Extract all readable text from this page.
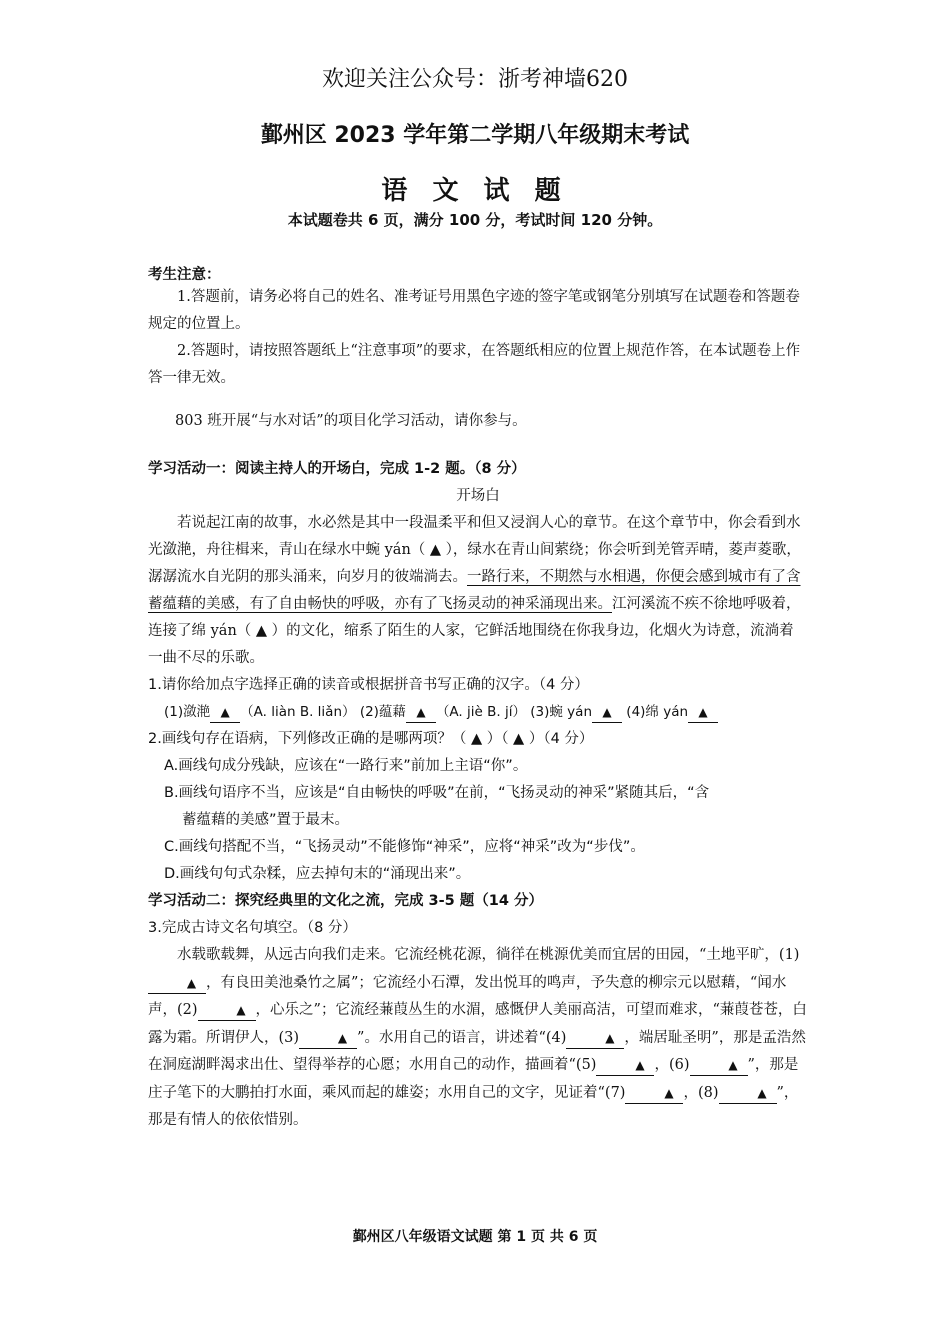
欢迎关注公众号：浙考神墙620
鄞州区 2023 学年第二学期八年级期末考试
语 文 试 题
本试题卷共 6 页，满分 100 分，考试时间 120 分钟。
考生注意：

1.答题前，请务必将自己的姓名、准考证号用黑色字迹的签字笔或钢笔分别填写在试题卷和答题卷规定的位置上。

2.答题时，请按照答题纸上“注意事项”的要求，在答题纸相应的位置上规范作答，在本试题卷上作答一律无效。

803 班开展“与水对话”的项目化学习活动，请你参与。

学习活动一：阅读主持人的开场白，完成 1-2 题。（8 分）

开场白

若说起江南的故事，水必然是其中一段温柔平和但又浸润人心的章节。在这个章节中，你会看到水光潋滟，舟往楫来，青山在绿水中蜿 yán（ ▲ ），绿水在青山间萦绕；你会听到羌管弄晴，菱声菱歌，潺潺流水自光阴的那头涌来，向岁月的彼端淌去。一路行来，不期然与水相遇，你便会感到城市有了含蓄蕴藉的美感，有了自由畅快的呼吸，亦有了飞扬灵动的神采涌现出来。江河溪流不疾不徐地呼吸着，连接了绵 yán（ ▲ ）的文化，缩系了陌生的人家，它鲜活地围绕在你我身边，化烟火为诗意，流淌着一曲不尽的乐歌。

1.请你给加点字选择正确的读音或根据拼音书写正确的汉字。（4 分）

(1)潋滟 ▲ （A. liàn B. liǎn） (2)蕴藉 ▲ （A. jiè B. jí） (3)蜿 yán ▲ (4)绵 yán ▲

2.画线句存在语病，下列修改正确的是哪两项？（ ▲ ）（ ▲ ）（4 分）

A.画线句成分残缺，应该在“一路行来”前加上主语“你”。

B.画线句语序不当，应该是“自由畅快的呼吸”在前，“飞扬灵动的神采”紧随其后，“含

蓄蕴藉的美感”置于最末。

C.画线句搭配不当，“飞扬灵动”不能修饰“神采”，应将“神采”改为“步伐”。

D.画线句句式杂糅，应去掉句末的“涌现出来”。

学习活动二：探究经典里的文化之流，完成 3-5 题（14 分）

3.完成古诗文名句填空。（8 分）

水载歌载舞，从远古向我们走来。它流经桃花源，徜徉在桃源优美而宜居的田园，“土地平旷，(1)▲ ，有良田美池桑竹之属”；它流经小石潭，发出悦耳的鸣声，予失意的柳宗元以慰藉，“闻水声，(2)	▲ ，心乐之”；它流经蒹葭丛生的水湄，感慨伊人美丽高洁，可望而难求，“蒹葭苍苍，白露为霜。所谓伊人，(3)	▲ ”。水用自己的语言，讲述着“(4)	▲ ，端居耻圣明”，那是孟浩然在洞庭湖畔渴求出仕、望得举荐的心愿；水用自己的动作，描画着“(5)	▲ ，(6)	▲ ”，那是庄子笔下的大鹏拍打水面，乘风而起的雄姿；水用自己的文字，见证着“(7)	▲ ，(8)	▲ ”，那是有情人的依依惜别。

鄞州区八年级语文试题 第 1 页 共 6 页
